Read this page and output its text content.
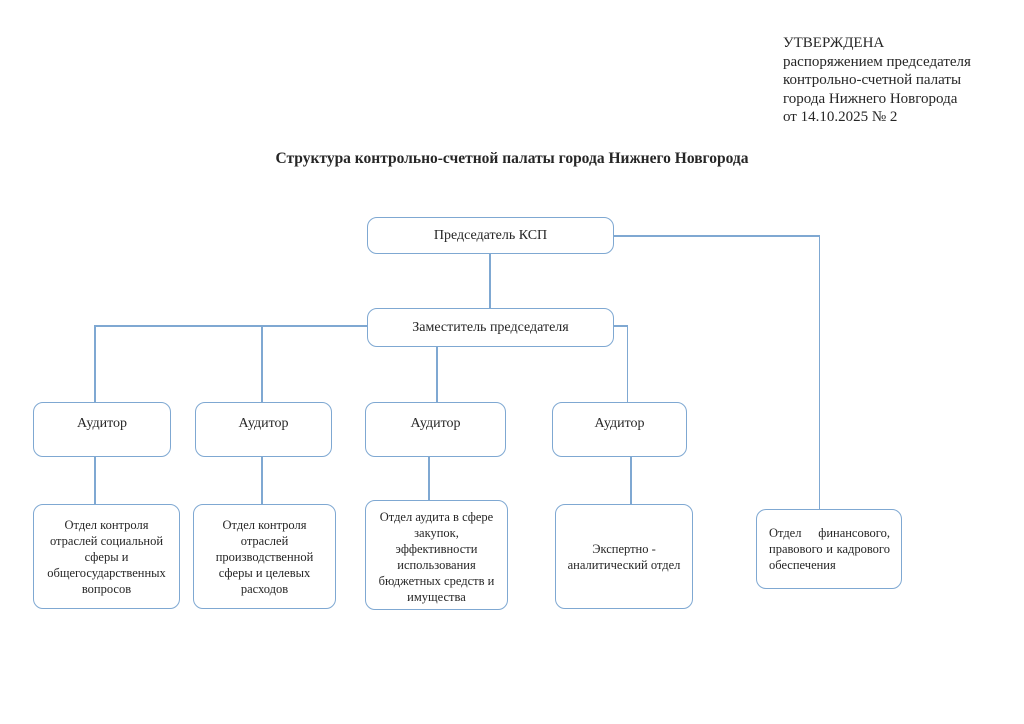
УТВЕРЖДЕНА
распоряжением председателя
контрольно-счетной палаты
города Нижнего Новгорода
от 14.10.2025 № 2
Структура контрольно-счетной палаты города Нижнего Новгорода
Председатель КСП
Заместитель председателя
Аудитор	Аудитор	Аудитор	Аудитор
Отдел контроля отраслей социальной сферы и общегосударственных вопросов
Отдел контроля отраслей производственной сферы и целевых расходов
Отдел аудита в сфере закупок, эффективности использования бюджетных средств и имущества
Экспертно - аналитический отдел
Отдел финансового, правового и кадрового обеспечения
